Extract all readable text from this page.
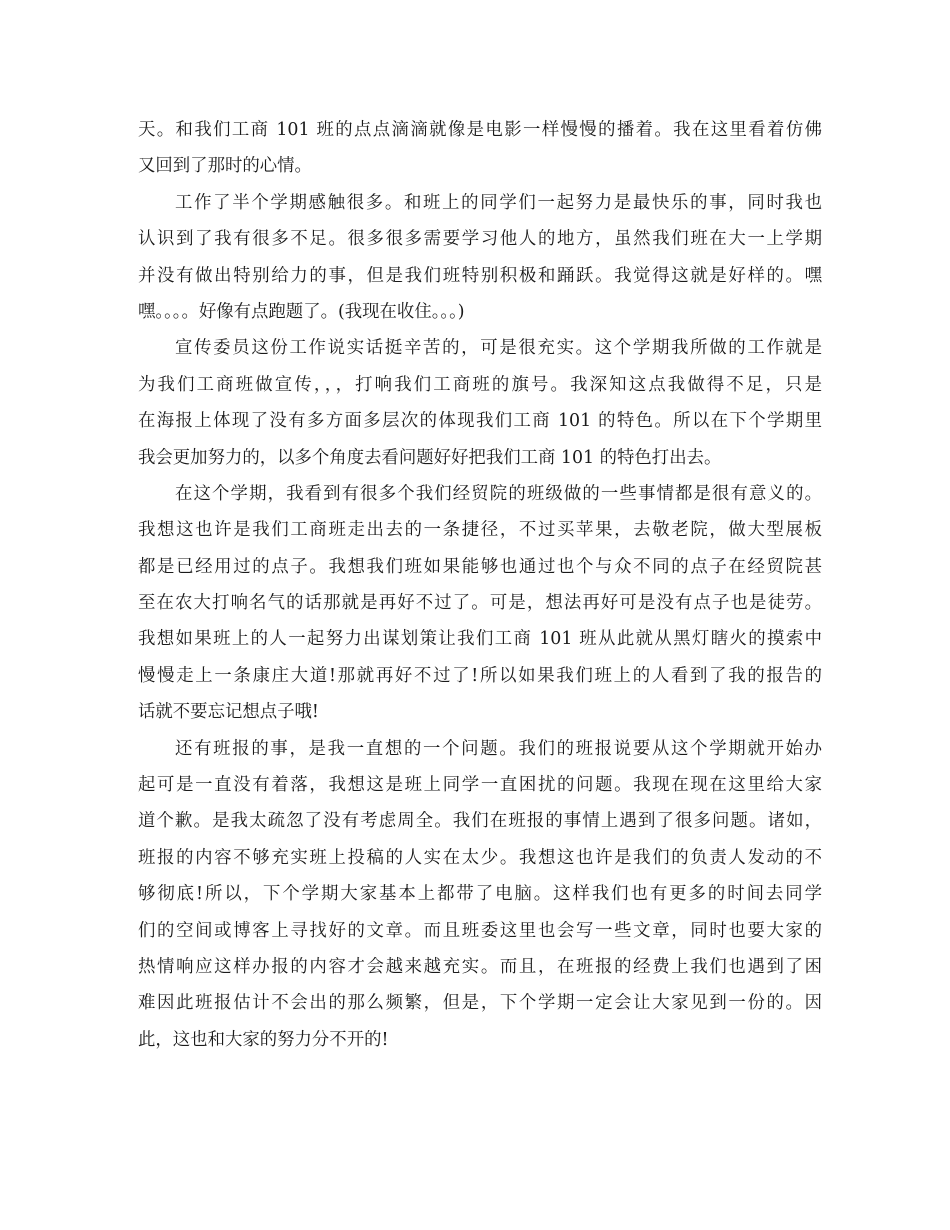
天。和我们工商 101 班的点点滴滴就像是电影一样慢慢的播着。我在这里看着仿佛
又回到了那时的心情。
工作了半个学期感触很多。和班上的同学们一起努力是最快乐的事，同时我也
认识到了我有很多不足。很多很多需要学习他人的地方，虽然我们班在大一上学期
并没有做出特别给力的事，但是我们班特别积极和踊跃。我觉得这就是好样的。嘿
嘿。。。。好像有点跑题了。(我现在收住。。。)
宣传委员这份工作说实话挺辛苦的，可是很充实。这个学期我所做的工作就是
为我们工商班做宣传，，，打响我们工商班的旗号。我深知这点我做得不足，只是
在海报上体现了没有多方面多层次的体现我们工商 101 的特色。所以在下个学期里
我会更加努力的，以多个角度去看问题好好把我们工商 101 的特色打出去。
在这个学期，我看到有很多个我们经贸院的班级做的一些事情都是很有意义的。
我想这也许是我们工商班走出去的一条捷径，不过买苹果，去敬老院，做大型展板
都是已经用过的点子。我想我们班如果能够也通过也个与众不同的点子在经贸院甚
至在农大打响名气的话那就是再好不过了。可是，想法再好可是没有点子也是徒劳。
我想如果班上的人一起努力出谋划策让我们工商 101 班从此就从黑灯瞎火的摸索中
慢慢走上一条康庄大道!那就再好不过了!所以如果我们班上的人看到了我的报告的
话就不要忘记想点子哦!
还有班报的事，是我一直想的一个问题。我们的班报说要从这个学期就开始办
起可是一直没有着落，我想这是班上同学一直困扰的问题。我现在现在这里给大家
道个歉。是我太疏忽了没有考虑周全。我们在班报的事情上遇到了很多问题。诸如，
班报的内容不够充实班上投稿的人实在太少。我想这也许是我们的负责人发动的不
够彻底!所以，下个学期大家基本上都带了电脑。这样我们也有更多的时间去同学
们的空间或博客上寻找好的文章。而且班委这里也会写一些文章，同时也要大家的
热情响应这样办报的内容才会越来越充实。而且，在班报的经费上我们也遇到了困
难因此班报估计不会出的那么频繁，但是，下个学期一定会让大家见到一份的。因
此，这也和大家的努力分不开的!
